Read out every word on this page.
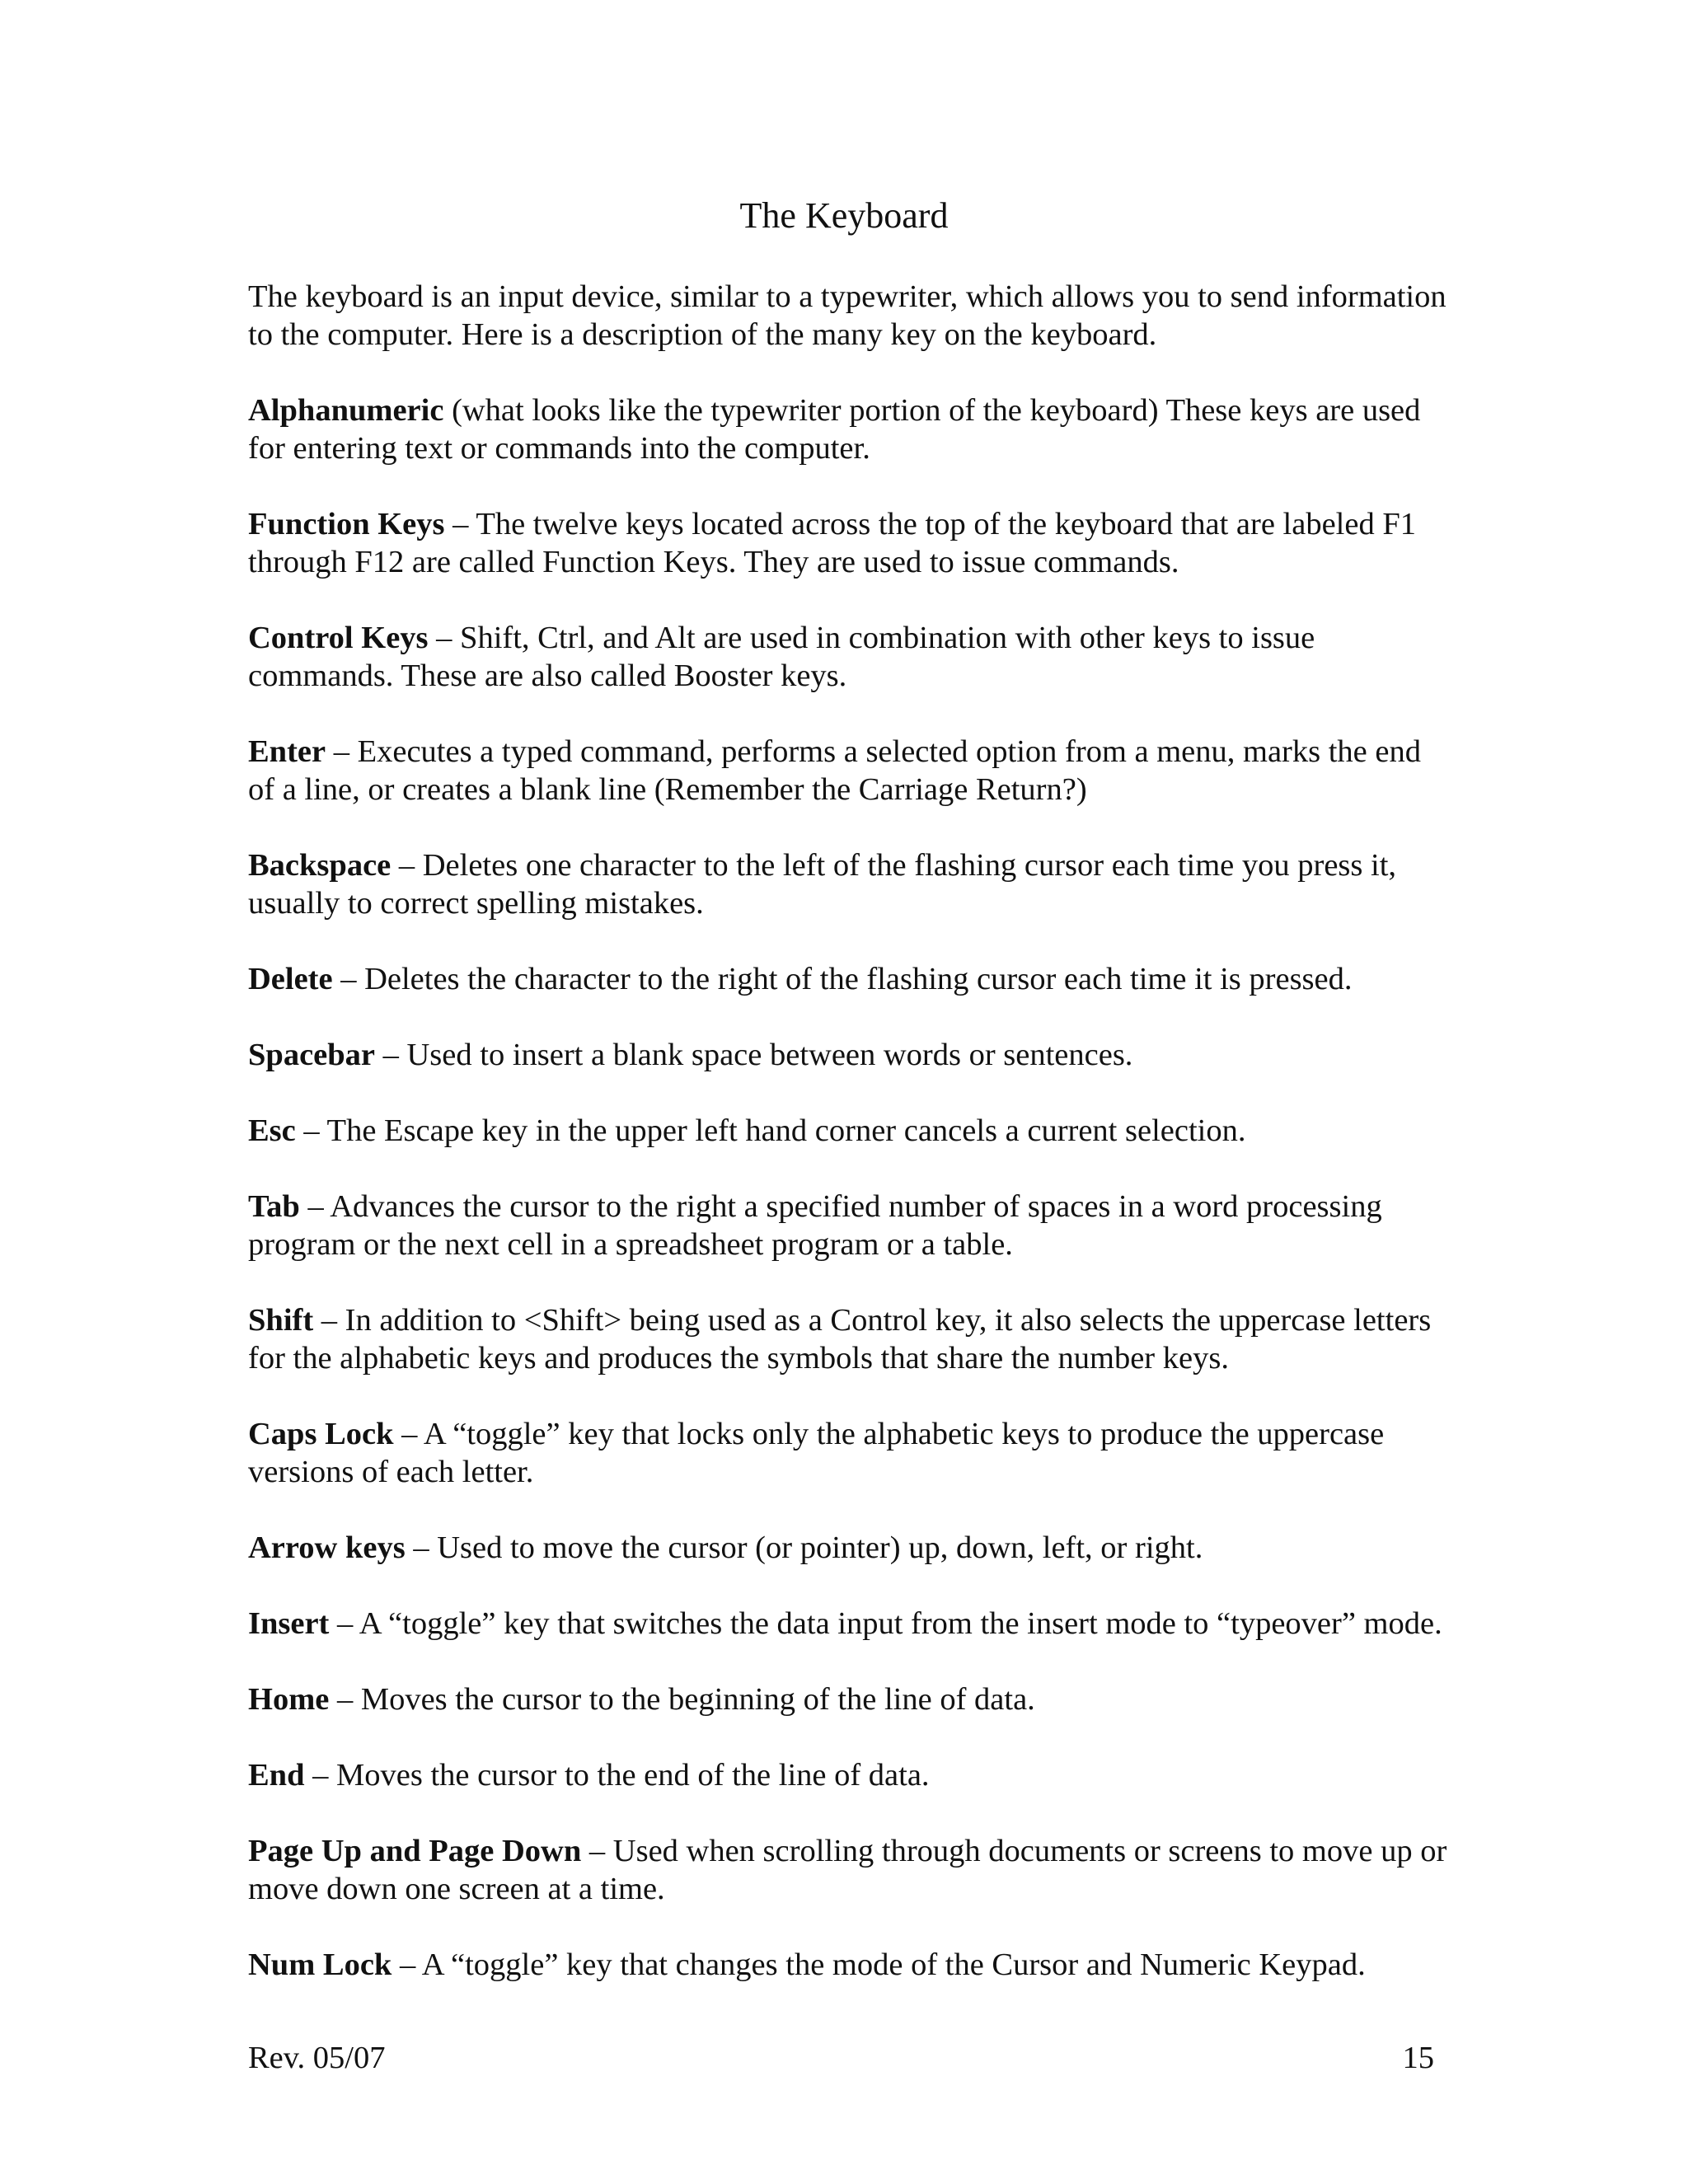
The Keyboard

The keyboard is an input device, similar to a typewriter, which allows you to send information to the computer. Here is a description of the many key on the keyboard.

Alphanumeric (what looks like the typewriter portion of the keyboard) These keys are used for entering text or commands into the computer.

Function Keys – The twelve keys located across the top of the keyboard that are labeled F1 through F12 are called Function Keys. They are used to issue commands.

Control Keys – Shift, Ctrl, and Alt are used in combination with other keys to issue commands. These are also called Booster keys.

Enter – Executes a typed command, performs a selected option from a menu, marks the end of a line, or creates a blank line (Remember the Carriage Return?)

Backspace – Deletes one character to the left of the flashing cursor each time you press it, usually to correct spelling mistakes.

Delete – Deletes the character to the right of the flashing cursor each time it is pressed.

Spacebar – Used to insert a blank space between words or sentences.

Esc – The Escape key in the upper left hand corner cancels a current selection.

Tab – Advances the cursor to the right a specified number of spaces in a word processing program or the next cell in a spreadsheet program or a table.

Shift – In addition to <Shift> being used as a Control key, it also selects the uppercase letters for the alphabetic keys and produces the symbols that share the number keys.

Caps Lock – A “toggle” key that locks only the alphabetic keys to produce the uppercase versions of each letter.

Arrow keys – Used to move the cursor (or pointer) up, down, left, or right.

Insert – A “toggle” key that switches the data input from the insert mode to “typeover” mode.

Home – Moves the cursor to the beginning of the line of data.

End – Moves the cursor to the end of the line of data.

Page Up and Page Down – Used when scrolling through documents or screens to move up or move down one screen at a time.

Num Lock – A “toggle” key that changes the mode of the Cursor and Numeric Keypad.

Rev. 05/07	15
